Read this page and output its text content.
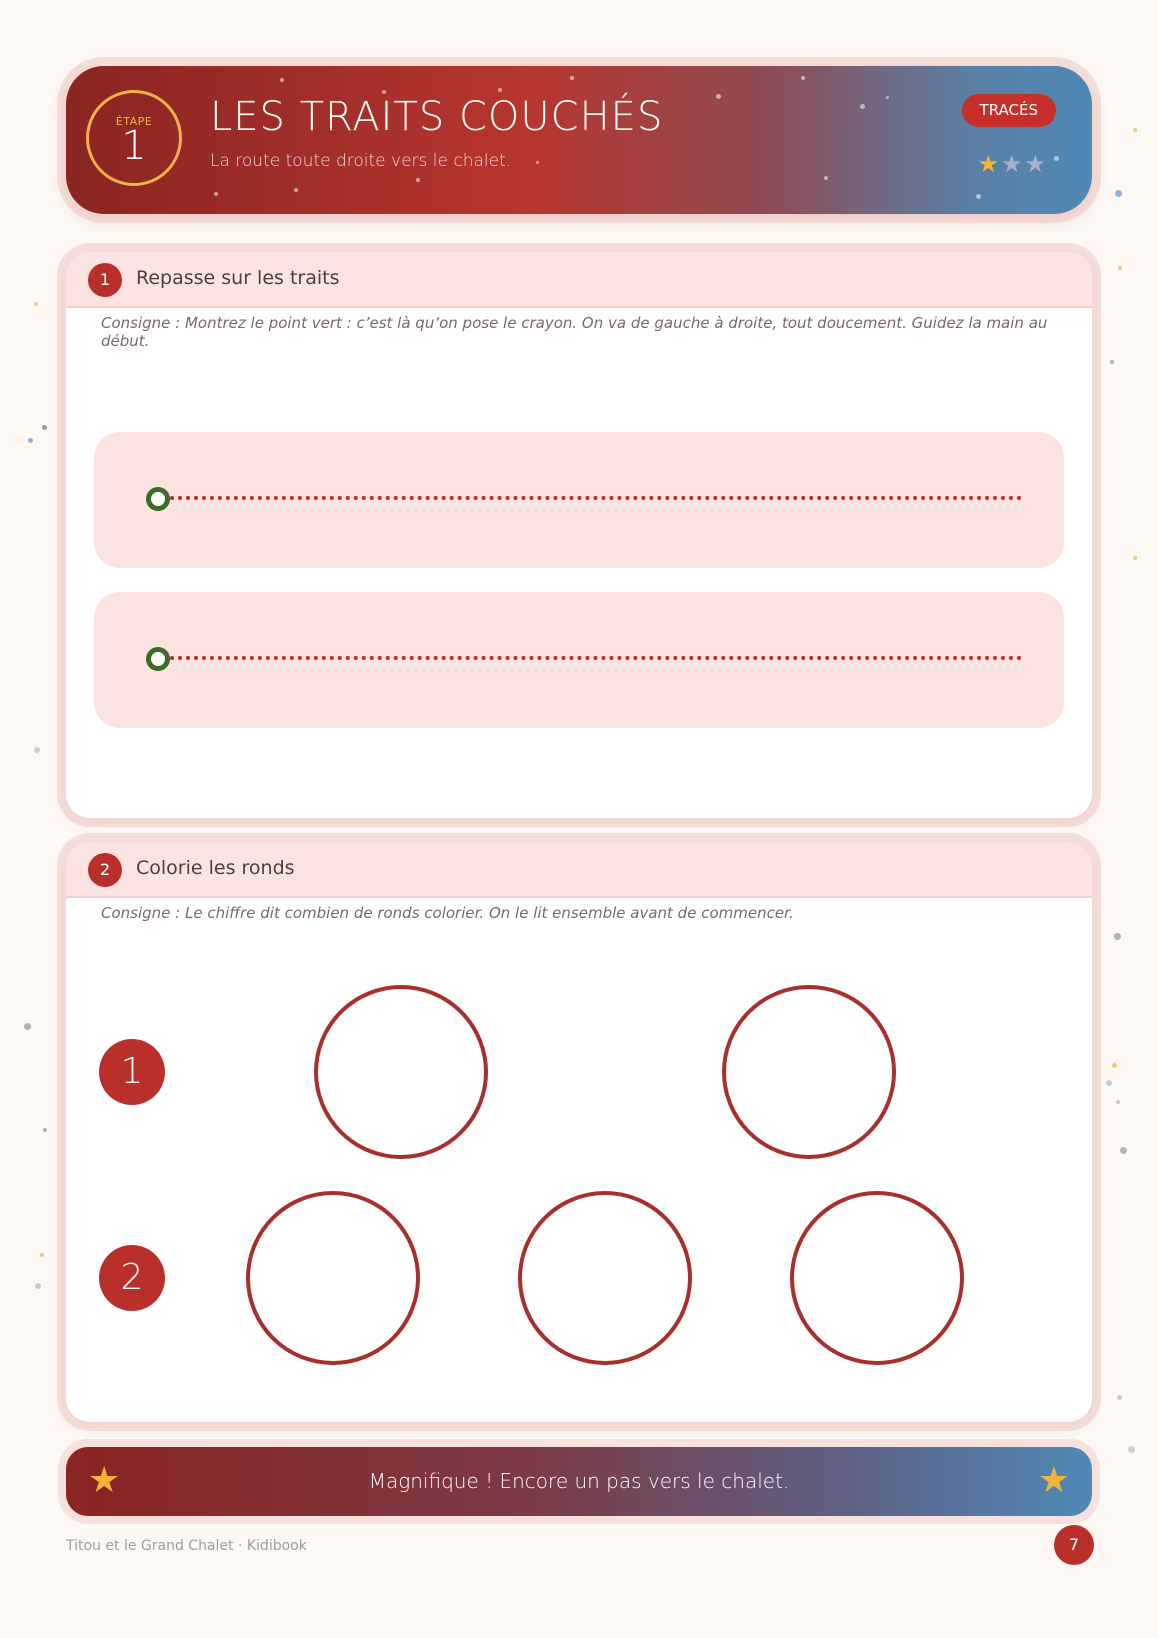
ÉTAPE
1
LES TRAITS COUCHÉS
La route toute droite vers le chalet.
TRACÉS
★★★
1	Repasse sur les traits
Consigne : Montrez le point vert : c’est là qu’on pose le crayon. On va de gauche à droite, tout doucement. Guidez la main au début.
2	Colorie les ronds
Consigne : Le chiffre dit combien de ronds colorier. On le lit ensemble avant de commencer.
1
2
★	Magnifique ! Encore un pas vers le chalet.	★
Titou et le Grand Chalet · Kidibook	7
